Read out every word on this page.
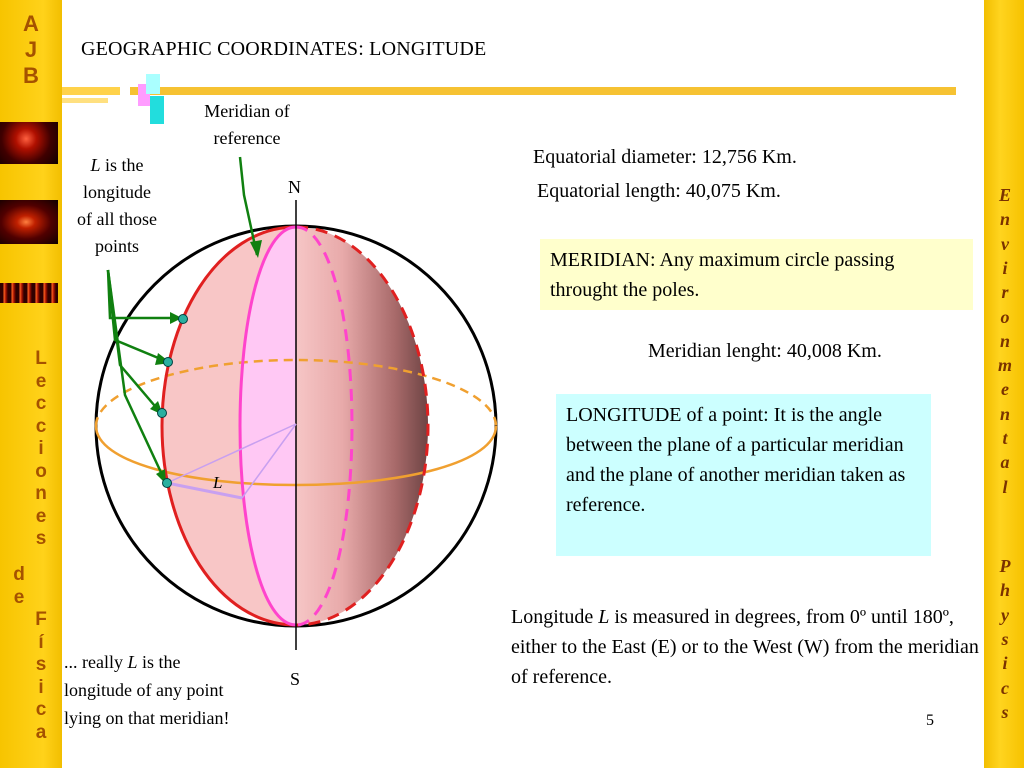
A
J
B
L
e
c
c
i
o
n
e
s
d
e
F
í
s
i
c
a
E
n
v
i
r
o
n
m
e
n
t
a
l
P
h
y
s
i
c
s
GEOGRAPHIC COORDINATES: LONGITUDE
Meridian of
reference
L is the
longitude
of all those
points
N
S
L
... really L is the
longitude of any point
lying on that meridian!
Equatorial diameter: 12,756 Km.
Equatorial length: 40,075 Km.
MERIDIAN: Any maximum circle passing throught the poles.
Meridian lenght: 40,008 Km.
LONGITUDE of a point: It is the angle between the plane of a particular meridian and the plane of another meridian taken as reference.
Longitude L is measured in degrees, from 0º until 180º, either to the East (E) or to the West (W) from the meridian of reference.
5
